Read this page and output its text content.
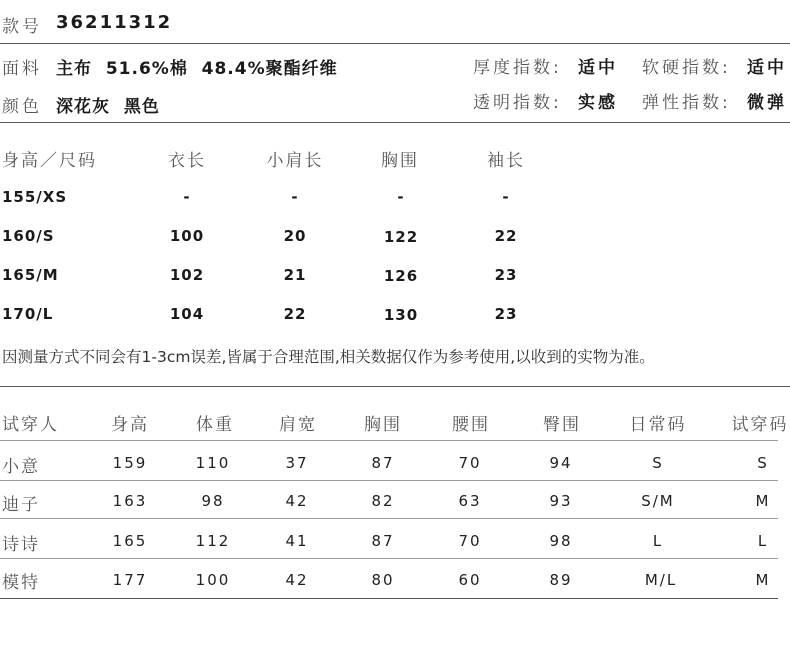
款号 36211312
面料 主布  51.6%棉  48.4%聚酯纤维
颜色 深花灰  黑色
厚度指数: 适中 软硬指数: 适中
透明指数: 实感 弹性指数: 微弹
身高／尺码	衣长	小肩长	胸围	袖长
155/XS	-	-	-	-
160/S	100	20	122	22
165/M	102	21	126	23
170/L	104	22	130	23
因测量方式不同会有1-3cm误差,皆属于合理范围,相关数据仅作为参考使用,以收到的实物为准。
试穿人	身高	体重	肩宽	胸围	腰围	臀围	日常码	试穿码
小意	159	110	37	87	70	94	S	S
迪子	163	98	42	82	63	93	S/M	M
诗诗	165	112	41	87	70	98	L	L
模特	177	100	42	80	60	89	M/L	M
